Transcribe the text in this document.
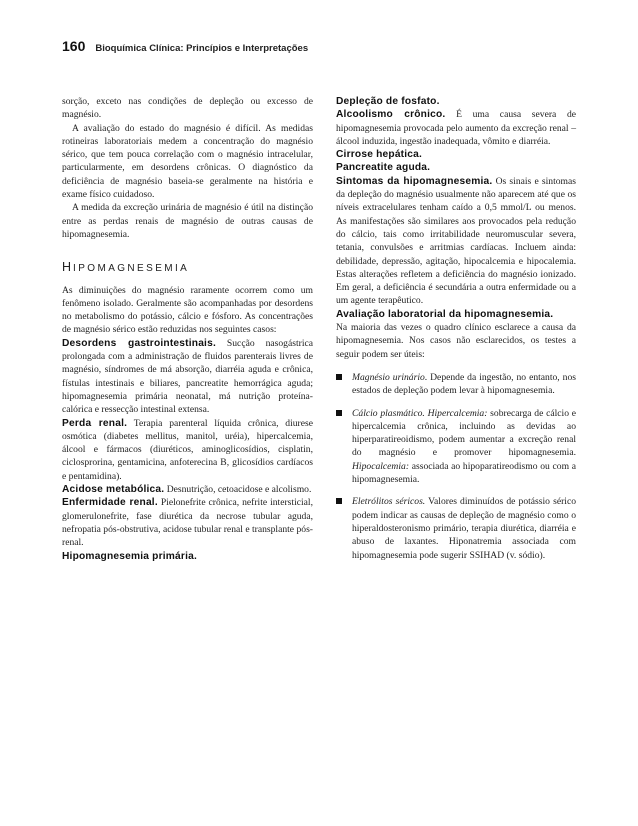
160 Bioquímica Clínica: Princípios e Interpretações

sorção, exceto nas condições de depleção ou excesso de magnésio.

A avaliação do estado do magnésio é difícil. As medidas rotineiras laboratoriais medem a concentração do magnésio sérico, que tem pouca correlação com o magnésio intracelular, particularmente, em desordens crônicas. O diagnóstico da deficiência de magnésio baseia-se geralmente na história e exame físico cuidadoso.

A medida da excreção urinária de magnésio é útil na distinção entre as perdas renais de magnésio de outras causas de hipomagnesemia.

HIPOMAGNESEMIA

As diminuições do magnésio raramente ocorrem como um fenômeno isolado. Geralmente são acompanhadas por desordens no metabolismo do potássio, cálcio e fósforo. As concentrações de magnésio sérico estão reduzidas nos seguintes casos:

Desordens gastrointestinais. Sucção nasogástrica prolongada com a administração de fluidos parenterais livres de magnésio, síndromes de má absorção, diarréia aguda e crônica, fístulas intestinais e biliares, pancreatite hemorrágica aguda; hipomagnesemia primária neonatal, má nutrição proteína-calórica e ressecção intestinal extensa.

Perda renal. Terapia parenteral líquida crônica, diurese osmótica (diabetes mellitus, manitol, uréia), hipercalcemia, álcool e fármacos (diuréticos, aminoglicosídios, cisplatin, ciclosprorina, gentamicina, anfoterecina B, glicosídios cardíacos e pentamidina).

Acidose metabólica. Desnutrição, cetoacidose e alcolismo.

Enfermidade renal. Pielonefrite crônica, nefrite intersticial, glomerulonefrite, fase diurética da necrose tubular aguda, nefropatia pós-obstrutiva, acidose tubular renal e transplante pós-renal.

Hipomagnesemia primária.

Depleção de fosfato.

Alcoolismo crônico. É uma causa severa de hipomagnesemia provocada pelo aumento da excreção renal – álcool induzida, ingestão inadequada, vômito e diarréia.

Cirrose hepática.

Pancreatite aguda.

Sintomas da hipomagnesemia. Os sinais e sintomas da depleção do magnésio usualmente não aparecem até que os níveis extracelulares tenham caído a 0,5 mmol/L ou menos. As manifestações são similares aos provocados pela redução do cálcio, tais como irritabilidade neuromuscular severa, tetania, convulsões e arritmias cardíacas. Incluem ainda: debilidade, depressão, agitação, hipocalcemia e hipocalemia. Estas alterações refletem a deficiência do magnésio ionizado. Em geral, a deficiência é secundária a outra enfermidade ou a um agente terapêutico.

Avaliação laboratorial da hipomagnesemia.
Na maioria das vezes o quadro clínico esclarece a causa da hipomagnesemia. Nos casos não esclarecidos, os testes a seguir podem ser úteis:

Magnésio urinário. Depende da ingestão, no entanto, nos estados de depleção podem levar à hipomagnesemia.
Cálcio plasmático. Hipercalcemia: sobrecarga de cálcio e hipercalcemia crônica, incluindo as devidas ao hiperparatireoidismo, podem aumentar a excreção renal do magnésio e promover hipomagnesemia. Hipocalcemia: associada ao hipoparatireodismo ou com a hipomagnesemia.
Eletrólitos séricos. Valores diminuídos de potássio sérico podem indicar as causas de depleção de magnésio como o hiperaldosteronismo primário, terapia diurética, diarréia e abuso de laxantes. Hiponatremia associada com hipomagnesemia pode sugerir SSIHAD (v. sódio).
